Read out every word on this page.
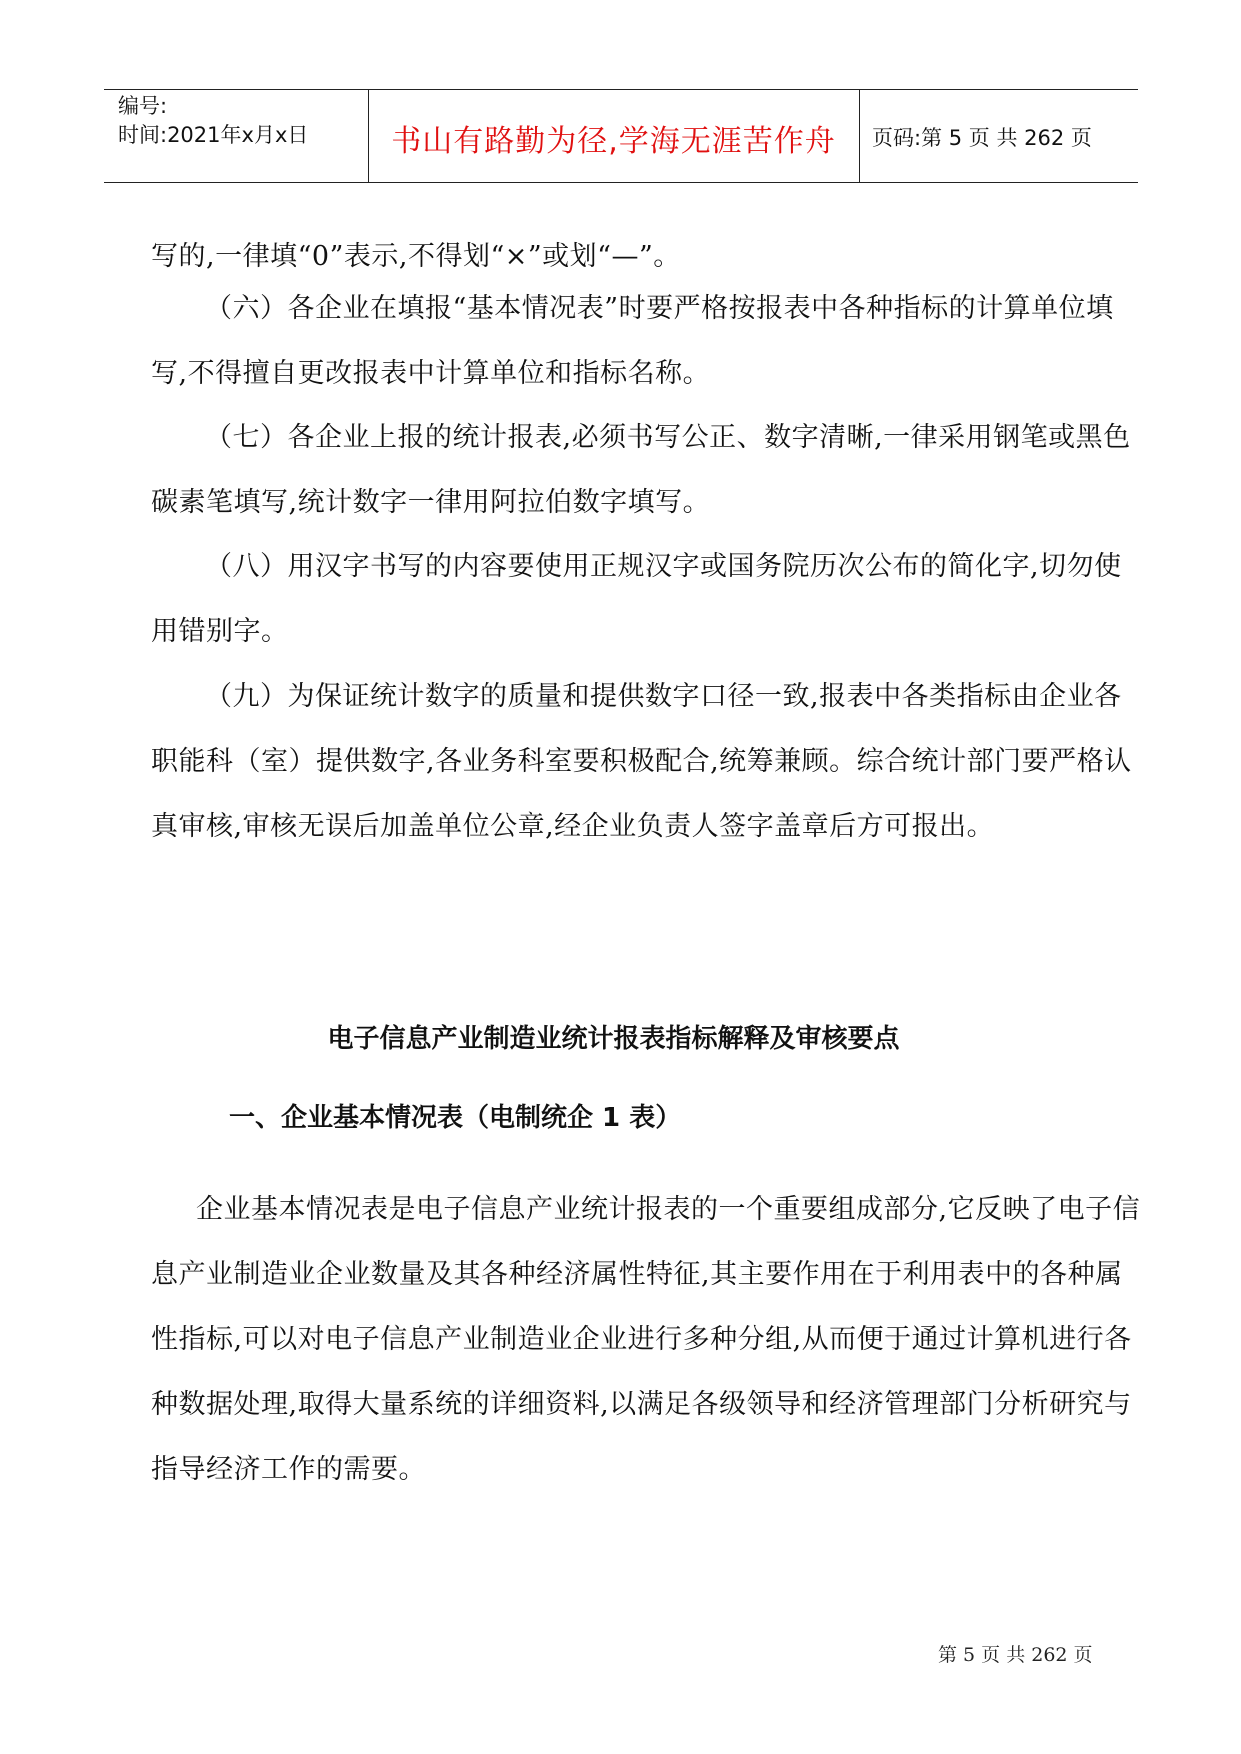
编号:
时间:2021年x月x日	书山有路勤为径,学海无涯苦作舟	页码:第 5 页 共 262 页

写的,一律填“0”表示,不得划“×”或划“—”。

（六）各企业在填报“基本情况表”时要严格按报表中各种指标的计算单位填写,不得擅自更改报表中计算单位和指标名称。

（七）各企业上报的统计报表,必须书写公正、数字清晰,一律采用钢笔或黑色碳素笔填写,统计数字一律用阿拉伯数字填写。

（八）用汉字书写的内容要使用正规汉字或国务院历次公布的简化字,切勿使用错别字。

（九）为保证统计数字的质量和提供数字口径一致,报表中各类指标由企业各职能科（室）提供数字,各业务科室要积极配合,统筹兼顾。综合统计部门要严格认真审核,审核无误后加盖单位公章,经企业负责人签字盖章后方可报出。

电子信息产业制造业统计报表指标解释及审核要点
一、企业基本情况表（电制统企 1 表）

企业基本情况表是电子信息产业统计报表的一个重要组成部分,它反映了电子信息产业制造业企业数量及其各种经济属性特征,其主要作用在于利用表中的各种属性指标,可以对电子信息产业制造业企业进行多种分组,从而便于通过计算机进行各种数据处理,取得大量系统的详细资料,以满足各级领导和经济管理部门分析研究与指导经济工作的需要。

第 5 页 共 262 页
